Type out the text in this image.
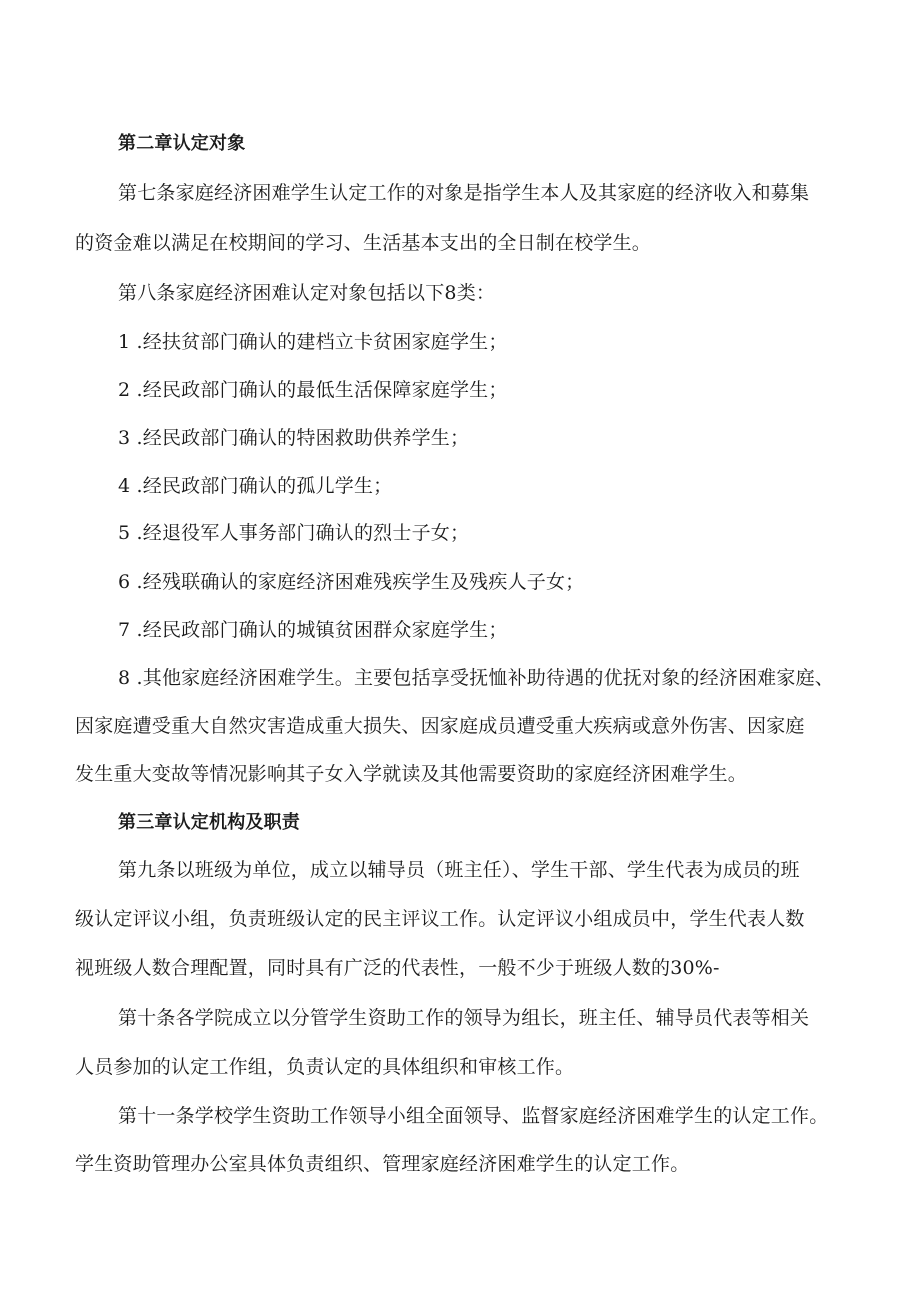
第二章认定对象
第七条家庭经济困难学生认定工作的对象是指学生本人及其家庭的经济收入和募集
的资金难以满足在校期间的学习、生活基本支出的全日制在校学生。
第八条家庭经济困难认定对象包括以下8类：
1 .经扶贫部门确认的建档立卡贫困家庭学生；
2 .经民政部门确认的最低生活保障家庭学生；
3 .经民政部门确认的特困救助供养学生；
4 .经民政部门确认的孤儿学生；
5 .经退役军人事务部门确认的烈士子女；
6 .经残联确认的家庭经济困难残疾学生及残疾人子女；
7 .经民政部门确认的城镇贫困群众家庭学生；
8 .其他家庭经济困难学生。主要包括享受抚恤补助待遇的优抚对象的经济困难家庭、
因家庭遭受重大自然灾害造成重大损失、因家庭成员遭受重大疾病或意外伤害、因家庭
发生重大变故等情况影响其子女入学就读及其他需要资助的家庭经济困难学生。
第三章认定机构及职责
第九条以班级为单位，成立以辅导员（班主任）、学生干部、学生代表为成员的班
级认定评议小组，负责班级认定的民主评议工作。认定评议小组成员中，学生代表人数
视班级人数合理配置，同时具有广泛的代表性，一般不少于班级人数的30%-
第十条各学院成立以分管学生资助工作的领导为组长，班主任、辅导员代表等相关
人员参加的认定工作组，负责认定的具体组织和审核工作。
第十一条学校学生资助工作领导小组全面领导、监督家庭经济困难学生的认定工作。
学生资助管理办公室具体负责组织、管理家庭经济困难学生的认定工作。
